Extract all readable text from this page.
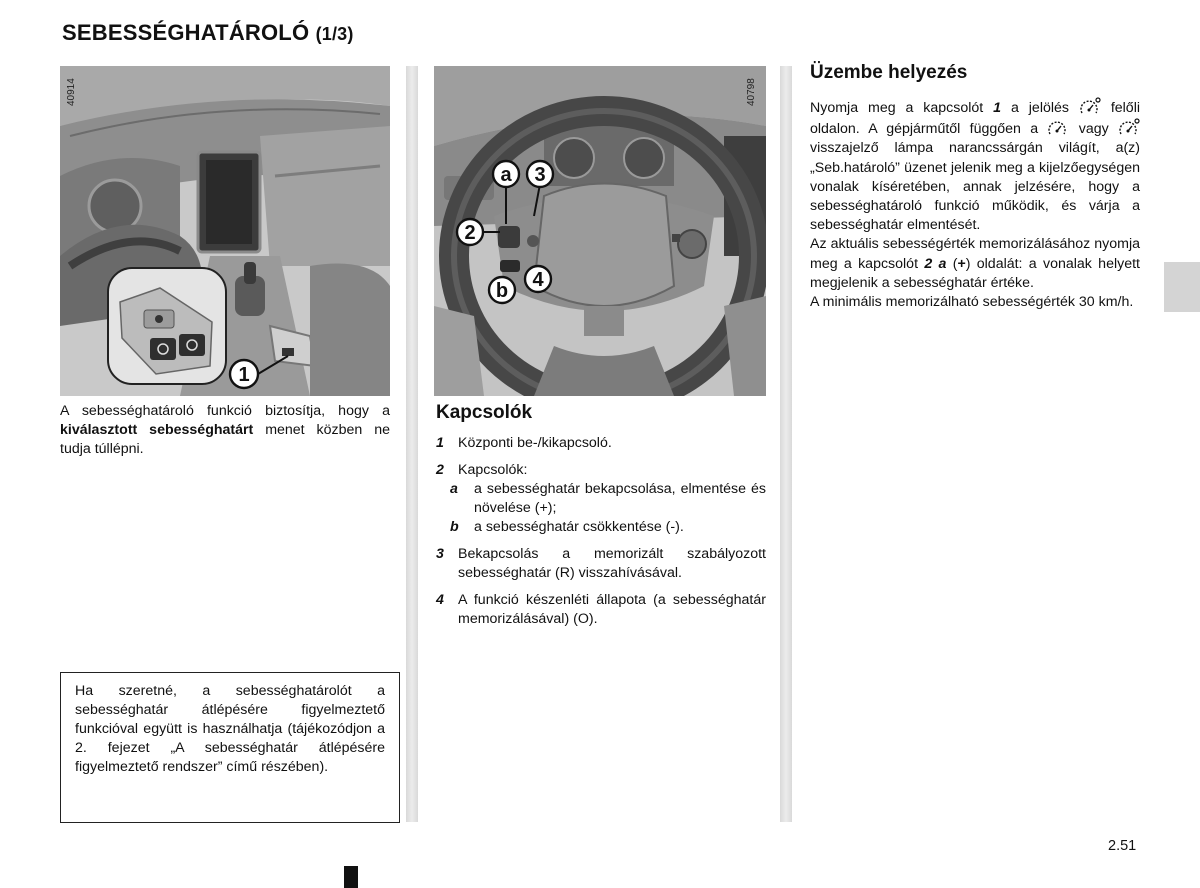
SEBESSÉGHATÁROLÓ (1/3)
1
40914
a 3
2
4
b
40798
A sebességhatároló funkció biztosítja, hogy a kiválasztott sebességhatárt menet közben ne tudja túllépni.
Ha szeretné, a sebességhatárolót a sebességhatár átlépésére figyelmeztető funkcióval együtt is használhatja (tájékozódjon a 2. fejezet „A sebességhatár átlépésére figyelmeztető rendszer” című részében).
Kapcsolók
1 Központi be-/kikapcsoló.
2 Kapcsolók:
a a sebességhatár bekapcsolása, elmentése és növelése (+);
b a sebességhatár csökkentése (-).
3 Bekapcsolás a memorizált szabályozott sebességhatár (R) visszahívásával.
4 A funkció készenléti állapota (a sebességhatár memorizálásával) (O).
Üzembe helyezés
Nyomja meg a kapcsolót 1 a jelölés  felőli oldalon. A gépjárműtől függően a  vagy  visszajelző lámpa narancssárgán világít, a(z) „Seb.határoló” üzenet jelenik meg a kijelzőegységen vonalak kíséretében, annak jelzésére, hogy a sebességhatároló funkció működik, és várja a sebességhatár elmentését.
Az aktuális sebességérték memorizálásához nyomja meg a kapcsolót 2 a (+) oldalát: a vonalak helyett megjelenik a sebességhatár értéke.
A minimális memorizálható sebességérték 30 km/h.
2.51
